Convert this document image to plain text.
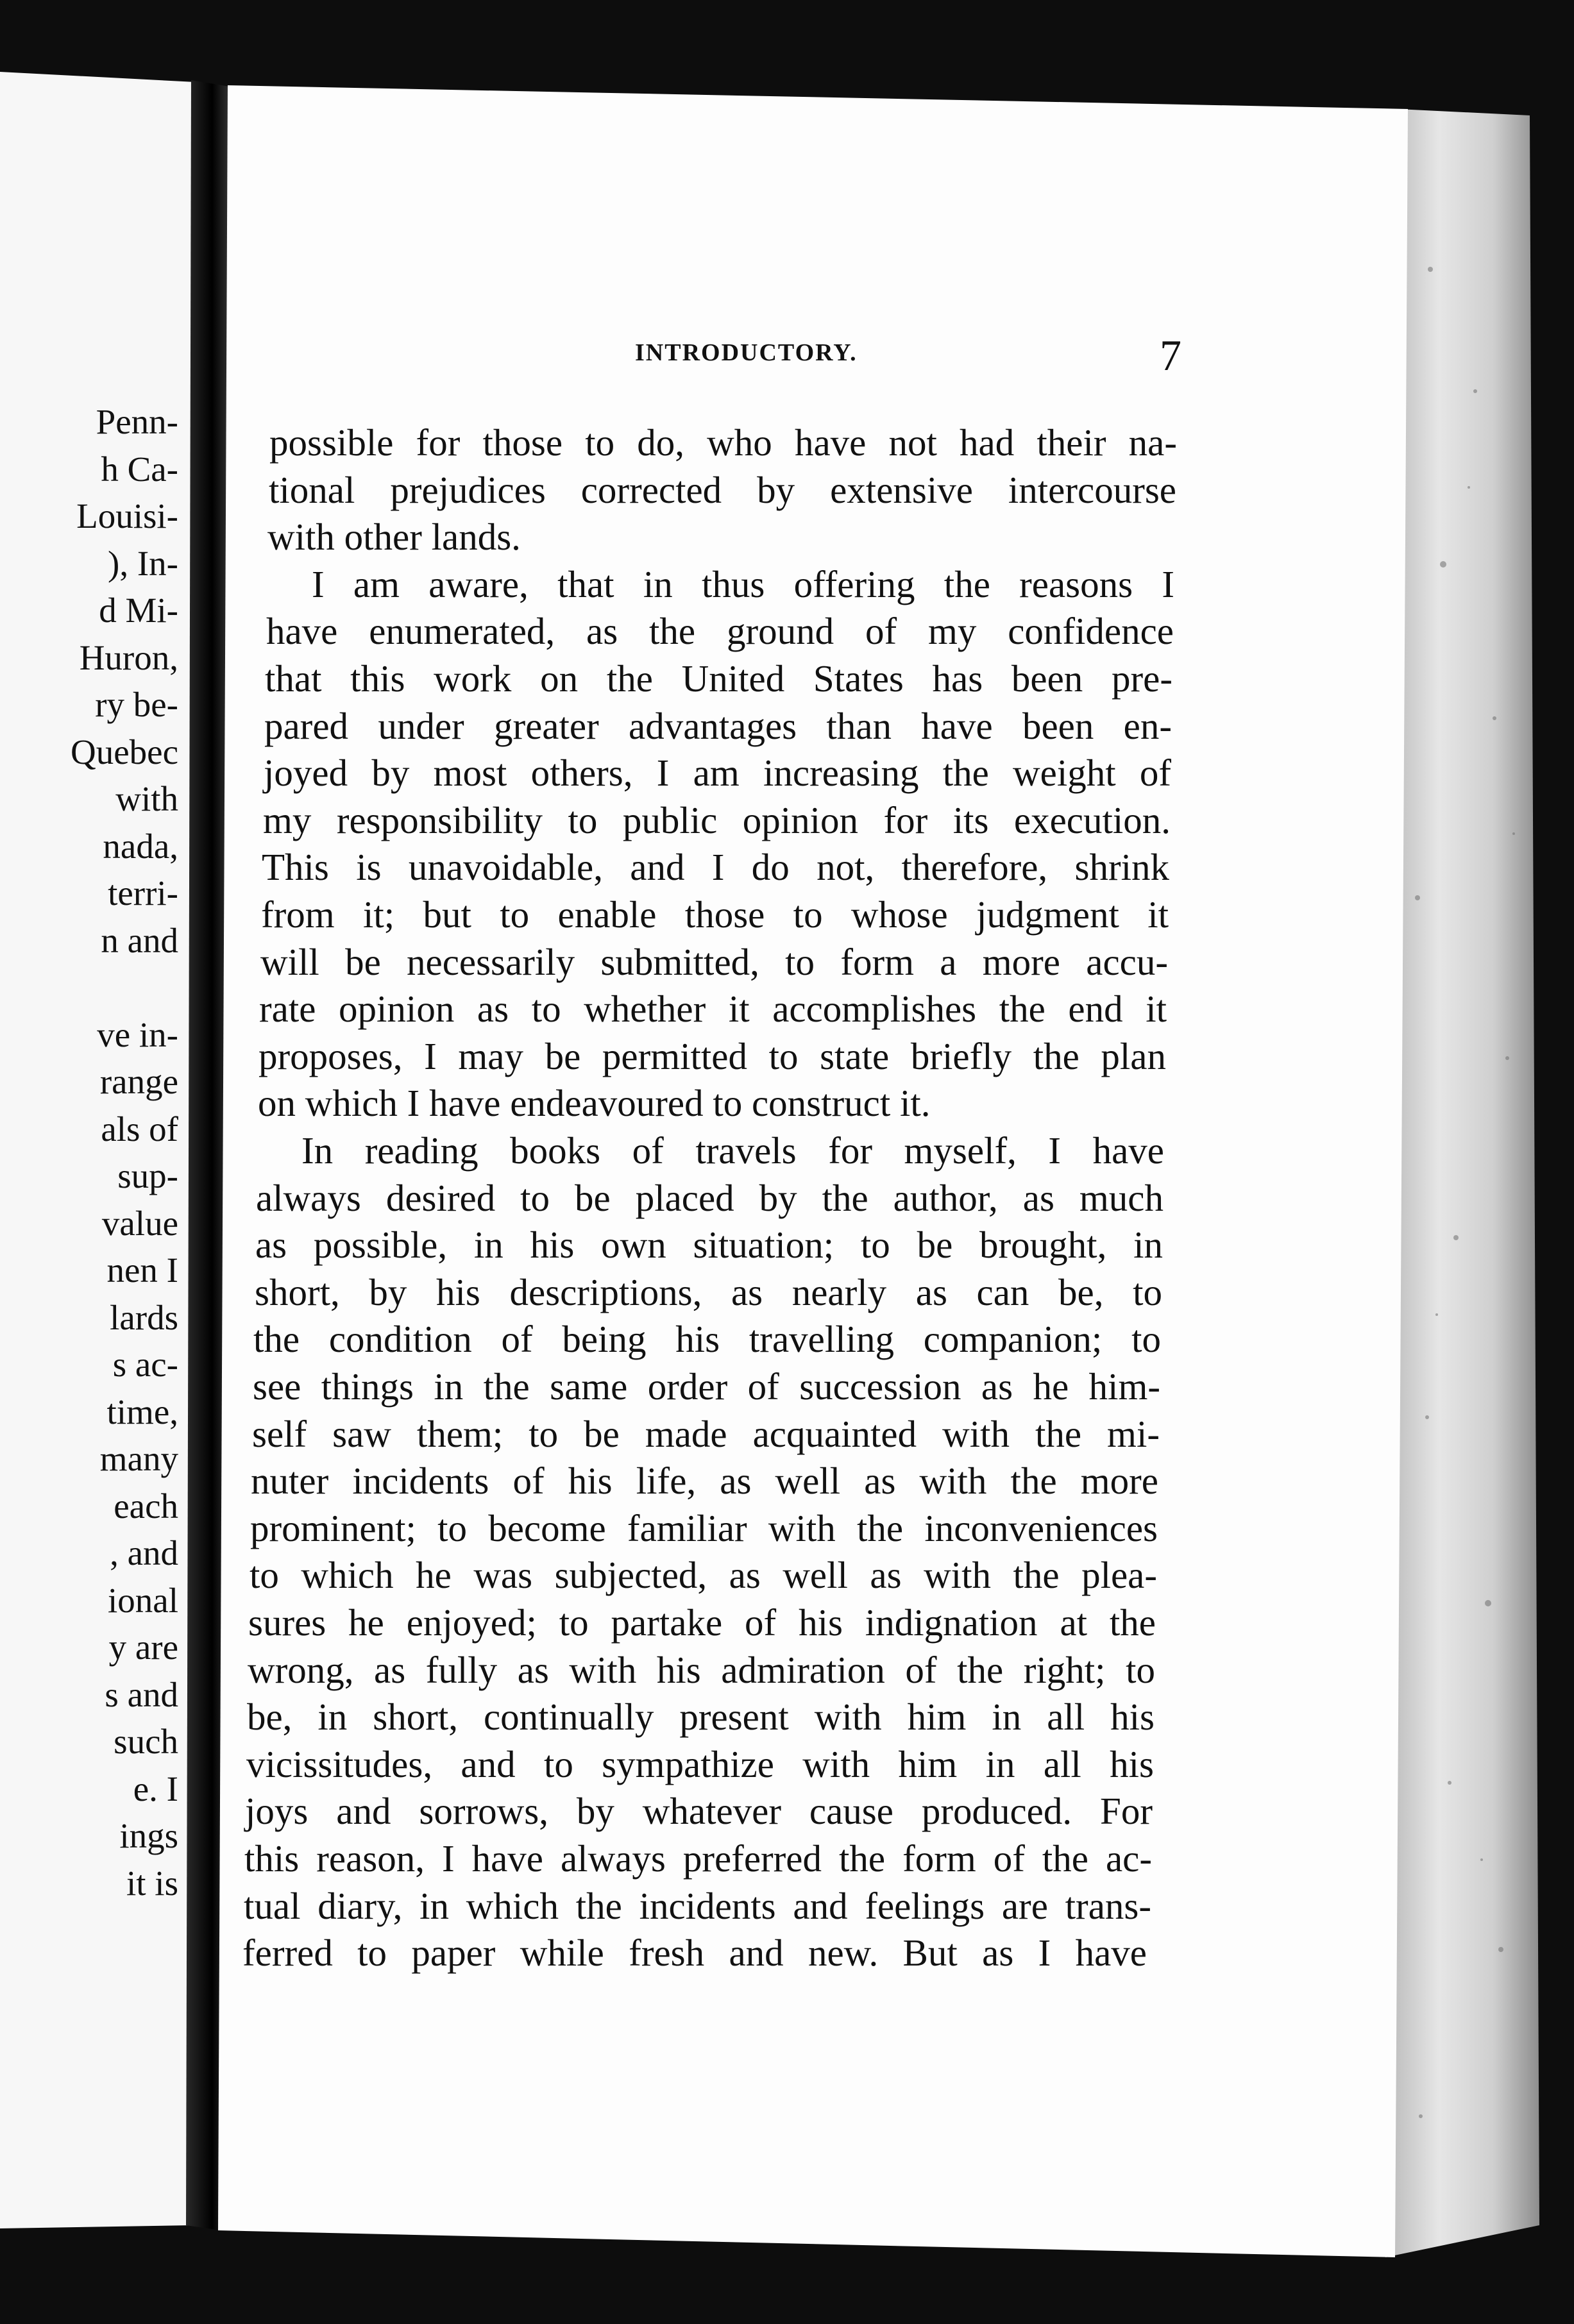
Penn-
h Ca-
Louisi-
), In-
d Mi-
Huron,
ry be-
Quebec
with
nada,
terri-
n and
ve in-
range
als of
sup-
value
nen I
lards
s ac-
time,
many
each
, and
ional
y are
s and
such
e. I
ings
it is
INTRODUCTORY.	7
possible for those to do, who have not had their na-
tional prejudices corrected by extensive intercourse
with other lands.
I am aware, that in thus offering the reasons I
have enumerated, as the ground of my confidence
that this work on the United States has been pre-
pared under greater advantages than have been en-
joyed by most others, I am increasing the weight of
my responsibility to public opinion for its execution.
This is unavoidable, and I do not, therefore, shrink
from it; but to enable those to whose judgment it
will be necessarily submitted, to form a more accu-
rate opinion as to whether it accomplishes the end it
proposes, I may be permitted to state briefly the plan
on which I have endeavoured to construct it.
In reading books of travels for myself, I have
always desired to be placed by the author, as much
as possible, in his own situation; to be brought, in
short, by his descriptions, as nearly as can be, to
the condition of being his travelling companion; to
see things in the same order of succession as he him-
self saw them; to be made acquainted with the mi-
nuter incidents of his life, as well as with the more
prominent; to become familiar with the inconveniences
to which he was subjected, as well as with the plea-
sures he enjoyed; to partake of his indignation at the
wrong, as fully as with his admiration of the right; to
be, in short, continually present with him in all his
vicissitudes, and to sympathize with him in all his
joys and sorrows, by whatever cause produced. For
this reason, I have always preferred the form of the ac-
tual diary, in which the incidents and feelings are trans-
ferred to paper while fresh and new. But as I have
